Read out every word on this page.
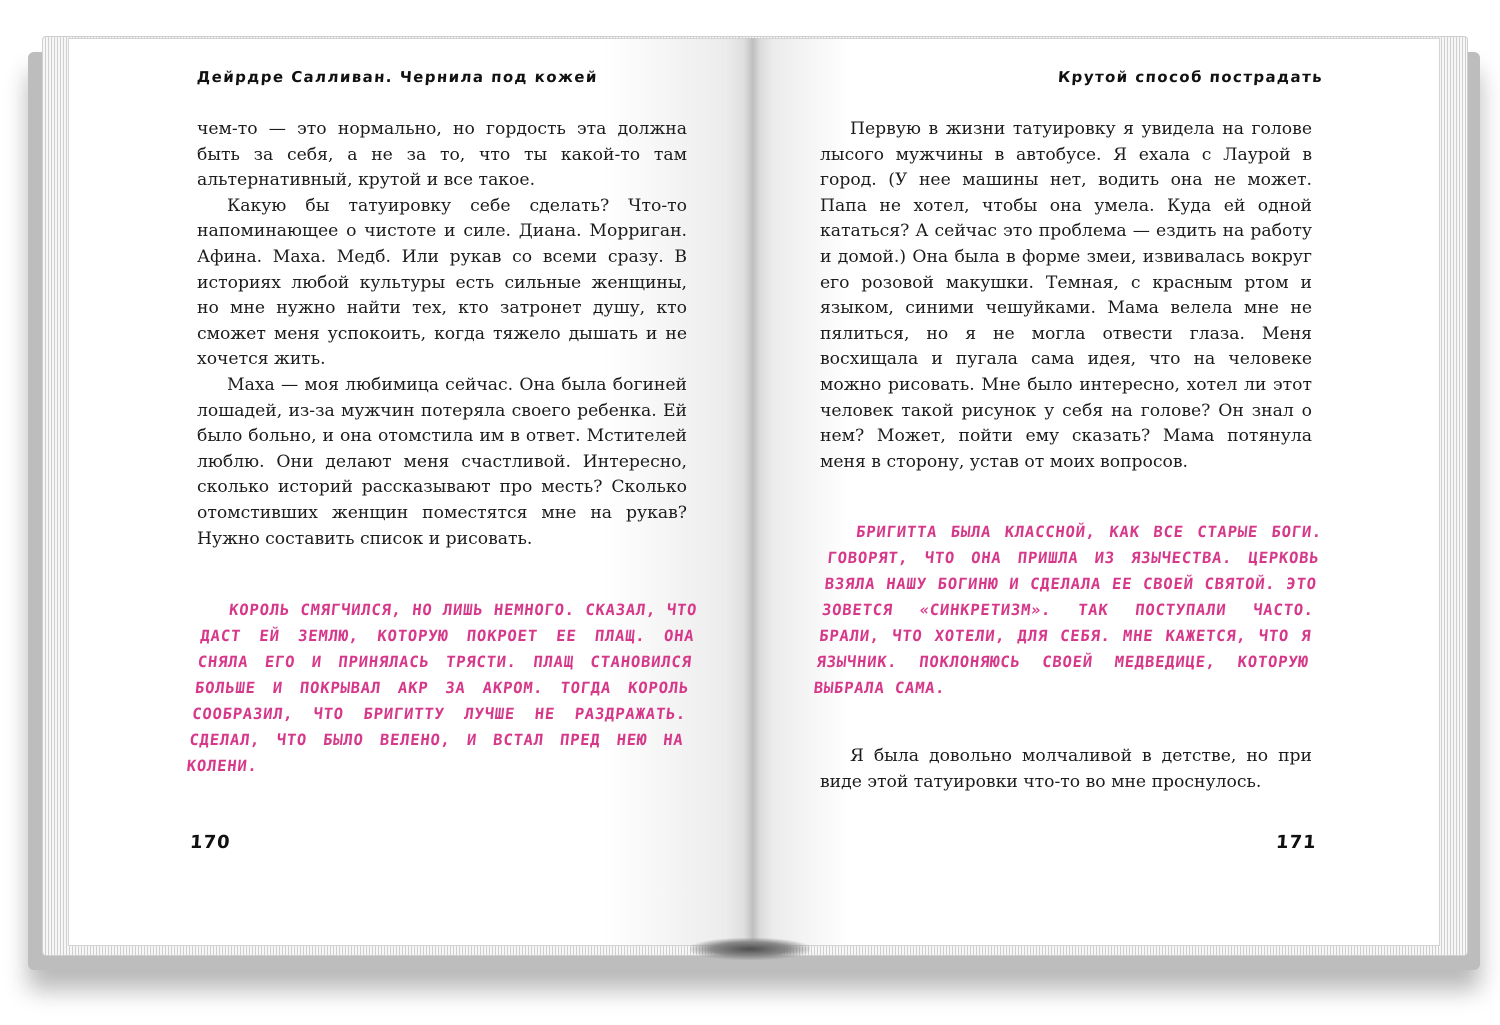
Дейрдре Салливан. Чернила под кожей

чем-то — это нормально, но гордость эта должна быть за себя, а не за то, что ты какой-то там альтернативный, крутой и все такое.

Какую бы татуировку себе сделать? Что-то напоминающее о чистоте и силе. Диана. Морриган. Афина. Маха. Медб. Или рукав со всеми сразу. В историях любой культуры есть сильные женщины, но мне нужно найти тех, кто затронет душу, кто сможет меня успокоить, когда тяжело дышать и не хочется жить.

Маха — моя любимица сейчас. Она была богиней лошадей, из-за мужчин потеряла своего ребенка. Ей было больно, и она отомстила им в ответ. Мстителей люблю. Они делают меня счастливой. Интересно, сколько историй рассказывают про месть? Сколько отомстивших женщин поместятся мне на рукав? Нужно составить список и рисовать.

КОРОЛЬ СМЯГЧИЛСЯ, НО ЛИШЬ НЕМНОГО. СКАЗАЛ, ЧТО ДАСТ ЕЙ ЗЕМЛЮ, КОТОРУЮ ПОКРОЕТ ЕЕ ПЛАЩ. ОНА СНЯЛА ЕГО И ПРИНЯЛАСЬ ТРЯСТИ. ПЛАЩ СТАНОВИЛСЯ БОЛЬШЕ И ПОКРЫВАЛ АКР ЗА АКРОМ. ТОГДА КОРОЛЬ СООБРАЗИЛ, ЧТО БРИГИТТУ ЛУЧШЕ НЕ РАЗДРАЖАТЬ. СДЕЛАЛ, ЧТО БЫЛО ВЕЛЕНО, И ВСТАЛ ПРЕД НЕЮ НА КОЛЕНИ.

170
Крутой способ пострадать

Первую в жизни татуировку я увидела на голове лысого мужчины в автобусе. Я ехала с Лаурой в город. (У нее машины нет, водить она не может. Папа не хотел, чтобы она умела. Куда ей одной кататься? А сейчас это проблема — ездить на работу и домой.) Она была в форме змеи, извивалась вокруг его розовой макушки. Темная, с красным ртом и языком, синими чешуйками. Мама велела мне не пялиться, но я не могла отвести глаза. Меня восхищала и пугала сама идея, что на человеке можно рисовать. Мне было интересно, хотел ли этот человек такой рисунок у себя на голове? Он знал о нем? Может, пойти ему сказать? Мама потянула меня в сторону, устав от моих вопросов.

БРИГИТТА БЫЛА КЛАССНОЙ, КАК ВСЕ СТАРЫЕ БОГИ. ГОВОРЯТ, ЧТО ОНА ПРИШЛА ИЗ ЯЗЫЧЕСТВА. ЦЕРКОВЬ ВЗЯЛА НАШУ БОГИНЮ И СДЕЛАЛА ЕЕ СВОЕЙ СВЯТОЙ. ЭТО ЗОВЕТСЯ «СИНКРЕТИЗМ». ТАК ПОСТУПАЛИ ЧАСТО. БРАЛИ, ЧТО ХОТЕЛИ, ДЛЯ СЕБЯ. МНЕ КАЖЕТСЯ, ЧТО Я ЯЗЫЧНИК. ПОКЛОНЯЮСЬ СВОЕЙ МЕДВЕДИЦЕ, КОТОРУЮ ВЫБРАЛА САМА.

Я была довольно молчаливой в детстве, но при виде этой татуировки что-то во мне проснулось.

171
